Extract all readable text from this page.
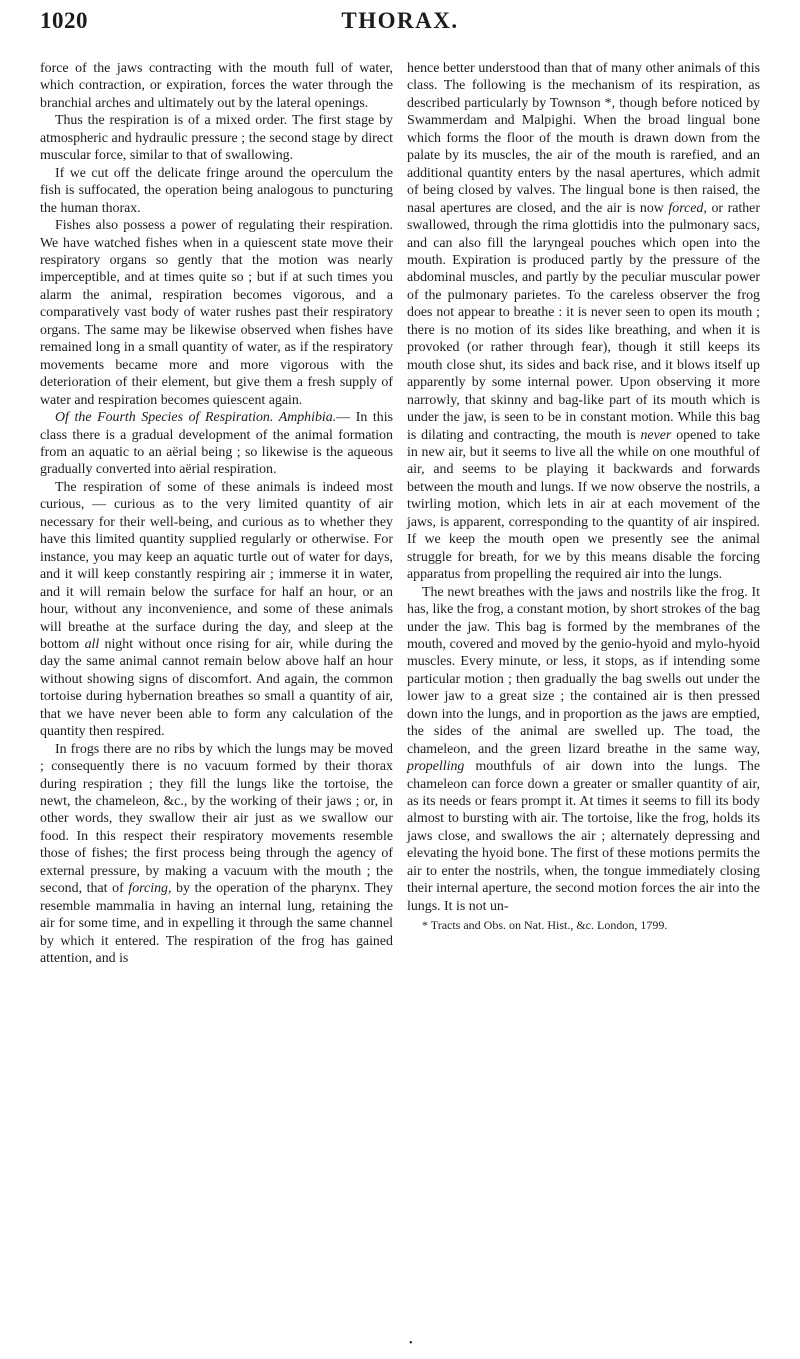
1020	THORAX.

force of the jaws contracting with the mouth full of water, which contraction, or expiration, forces the water through the branchial arches and ultimately out by the lateral openings.

Thus the respiration is of a mixed order. The first stage by atmospheric and hydraulic pressure ; the second stage by direct muscular force, similar to that of swallowing.

If we cut off the delicate fringe around the operculum the fish is suffocated, the operation being analogous to puncturing the human thorax.

Fishes also possess a power of regulating their respiration. We have watched fishes when in a quiescent state move their respiratory organs so gently that the motion was nearly imperceptible, and at times quite so ; but if at such times you alarm the animal, respiration becomes vigorous, and a comparatively vast body of water rushes past their respiratory organs. The same may be likewise observed when fishes have remained long in a small quantity of water, as if the respiratory movements became more and more vigorous with the deterioration of their element, but give them a fresh supply of water and respiration becomes quiescent again.

Of the Fourth Species of Respiration. Amphibia.— In this class there is a gradual development of the animal formation from an aquatic to an aërial being ; so likewise is the aqueous gradually converted into aërial respiration.

The respiration of some of these animals is indeed most curious, — curious as to the very limited quantity of air necessary for their well-being, and curious as to whether they have this limited quantity supplied regularly or otherwise. For instance, you may keep an aquatic turtle out of water for days, and it will keep constantly respiring air ; immerse it in water, and it will remain below the surface for half an hour, or an hour, without any inconvenience, and some of these animals will breathe at the surface during the day, and sleep at the bottom all night without once rising for air, while during the day the same animal cannot remain below above half an hour without showing signs of discomfort. And again, the common tortoise during hybernation breathes so small a quantity of air, that we have never been able to form any calculation of the quantity then respired.

In frogs there are no ribs by which the lungs may be moved ; consequently there is no vacuum formed by their thorax during respiration ; they fill the lungs like the tortoise, the newt, the chameleon, &c., by the working of their jaws ; or, in other words, they swallow their air just as we swallow our food. In this respect their respiratory movements resemble those of fishes; the first process being through the agency of external pressure, by making a vacuum with the mouth ; the second, that of forcing, by the operation of the pharynx. They resemble mammalia in having an internal lung, retaining the air for some time, and in expelling it through the same channel by which it entered. The respiration of the frog has gained attention, and is

hence better understood than that of many other animals of this class. The following is the mechanism of its respiration, as described particularly by Townson *, though before noticed by Swammerdam and Malpighi. When the broad lingual bone which forms the floor of the mouth is drawn down from the palate by its muscles, the air of the mouth is rarefied, and an additional quantity enters by the nasal apertures, which admit of being closed by valves. The lingual bone is then raised, the nasal apertures are closed, and the air is now forced, or rather swallowed, through the rima glottidis into the pulmonary sacs, and can also fill the laryngeal pouches which open into the mouth. Expiration is produced partly by the pressure of the abdominal muscles, and partly by the peculiar muscular power of the pulmonary parietes. To the careless observer the frog does not appear to breathe : it is never seen to open its mouth ; there is no motion of its sides like breathing, and when it is provoked (or rather through fear), though it still keeps its mouth close shut, its sides and back rise, and it blows itself up apparently by some internal power. Upon observing it more narrowly, that skinny and bag-like part of its mouth which is under the jaw, is seen to be in constant motion. While this bag is dilating and contracting, the mouth is never opened to take in new air, but it seems to live all the while on one mouthful of air, and seems to be playing it backwards and forwards between the mouth and lungs. If we now observe the nostrils, a twirling motion, which lets in air at each movement of the jaws, is apparent, corresponding to the quantity of air inspired. If we keep the mouth open we presently see the animal struggle for breath, for we by this means disable the forcing apparatus from propelling the required air into the lungs.

The newt breathes with the jaws and nostrils like the frog. It has, like the frog, a constant motion, by short strokes of the bag under the jaw. This bag is formed by the membranes of the mouth, covered and moved by the genio-hyoid and mylo-hyoid muscles. Every minute, or less, it stops, as if intending some particular motion ; then gradually the bag swells out under the lower jaw to a great size ; the contained air is then pressed down into the lungs, and in proportion as the jaws are emptied, the sides of the animal are swelled up. The toad, the chameleon, and the green lizard breathe in the same way, propelling mouthfuls of air down into the lungs. The chameleon can force down a greater or smaller quantity of air, as its needs or fears prompt it. At times it seems to fill its body almost to bursting with air. The tortoise, like the frog, holds its jaws close, and swallows the air ; alternately depressing and elevating the hyoid bone. The first of these motions permits the air to enter the nostrils, when, the tongue immediately closing their internal aperture, the second motion forces the air into the lungs. It is not un-

* Tracts and Obs. on Nat. Hist., &c. London, 1799.
•
